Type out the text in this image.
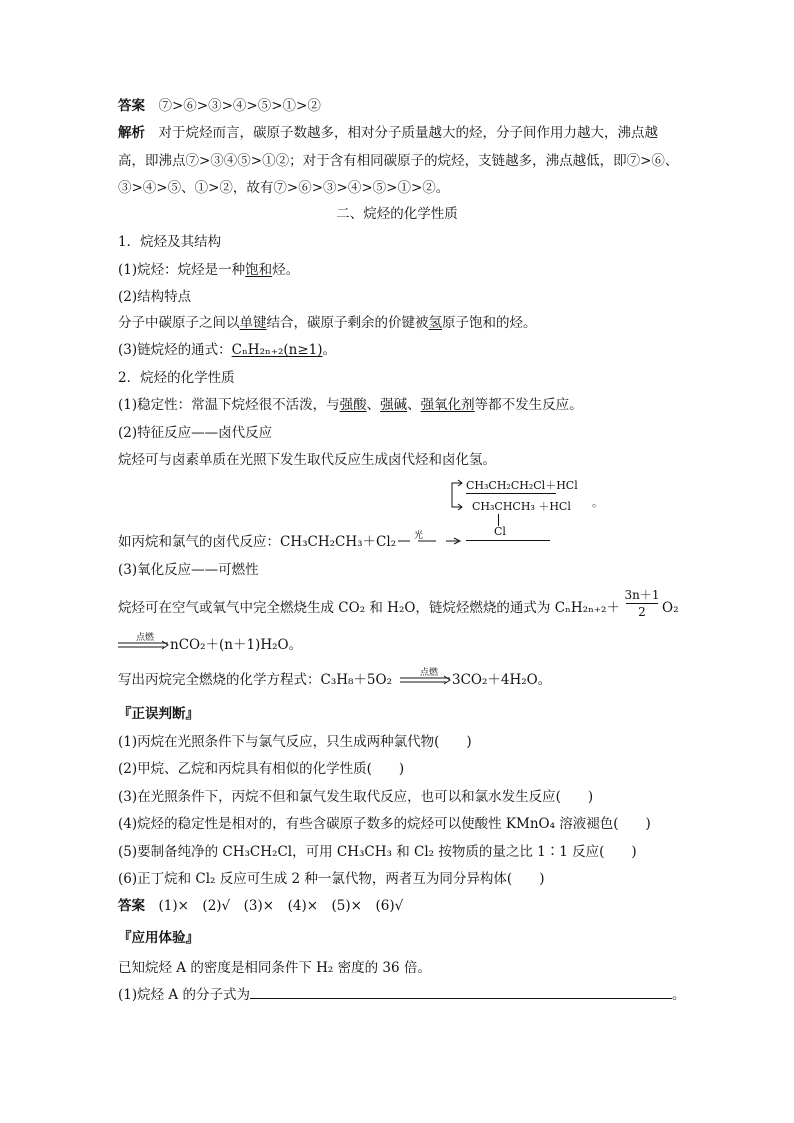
答案　 ⑦>⑥>③>④>⑤>①>②
解析　 对于烷烃而言，碳原子数越多，相对分子质量越大的烃，分子间作用力越大，沸点越
高，即沸点⑦>③④⑤>①②；对于含有相同碳原子的烷烃，支链越多，沸点越低，即⑦>⑥、
③>④>⑤、①>②，故有⑦>⑥>③>④>⑤>①>②。
二、烷烃的化学性质
1．烷烃及其结构
(1)烷烃：烷烃是一种饱和烃。
(2)结构特点
分子中碳原子之间以单键结合，碳原子剩余的价键被氢原子饱和的烃。
(3)链烷烃的通式：CₙH₂ₙ₊₂(n≥1)。
2．烷烃的化学性质
(1)稳定性：常温下烷烃很不活泼，与强酸、强碱、强氧化剂等都不发生反应。
(2)特征反应——卤代反应
烷烃可与卤素单质在光照下发生取代反应生成卤代烃和卤化氢。
CH₃CH₂CH₂Cl＋HCl
CH₃CHCH₃ ＋HCl 。
Cl
如丙烷和氯气的卤代反应：CH₃CH₂CH₃＋Cl₂ 光
(3)氧化反应——可燃性
烷烃可在空气或氧气中完全燃烧生成 CO₂ 和 H₂O，链烷烃燃烧的通式为 CₙH₂ₙ₊₂＋
3n＋1
2	O₂
点燃 nCO₂＋(n＋1)H₂O。
写出丙烷完全燃烧的化学方程式：C₃H₈＋5O₂	点燃 3CO₂＋4H₂O。
『正误判断』
(1)丙烷在光照条件下与氯气反应，只生成两种氯代物(　　)
(2)甲烷、乙烷和丙烷具有相似的化学性质(　　)
(3)在光照条件下，丙烷不但和氯气发生取代反应，也可以和氯水发生反应(　　)
(4)烷烃的稳定性是相对的，有些含碳原子数多的烷烃可以使酸性 KMnO₄ 溶液褪色(　　)
(5)要制备纯净的 CH₃CH₂Cl，可用 CH₃CH₃ 和 Cl₂ 按物质的量之比 1∶1 反应(　　)
(6)正丁烷和 Cl₂ 反应可生成 2 种一氯代物，两者互为同分异构体(　　)
答案　 (1)×　(2)√　(3)×　(4)×　(5)×　(6)√
『应用体验』
已知烷烃 A 的密度是相同条件下 H₂ 密度的 36 倍。
(1)烷烃 A 的分子式为	。
